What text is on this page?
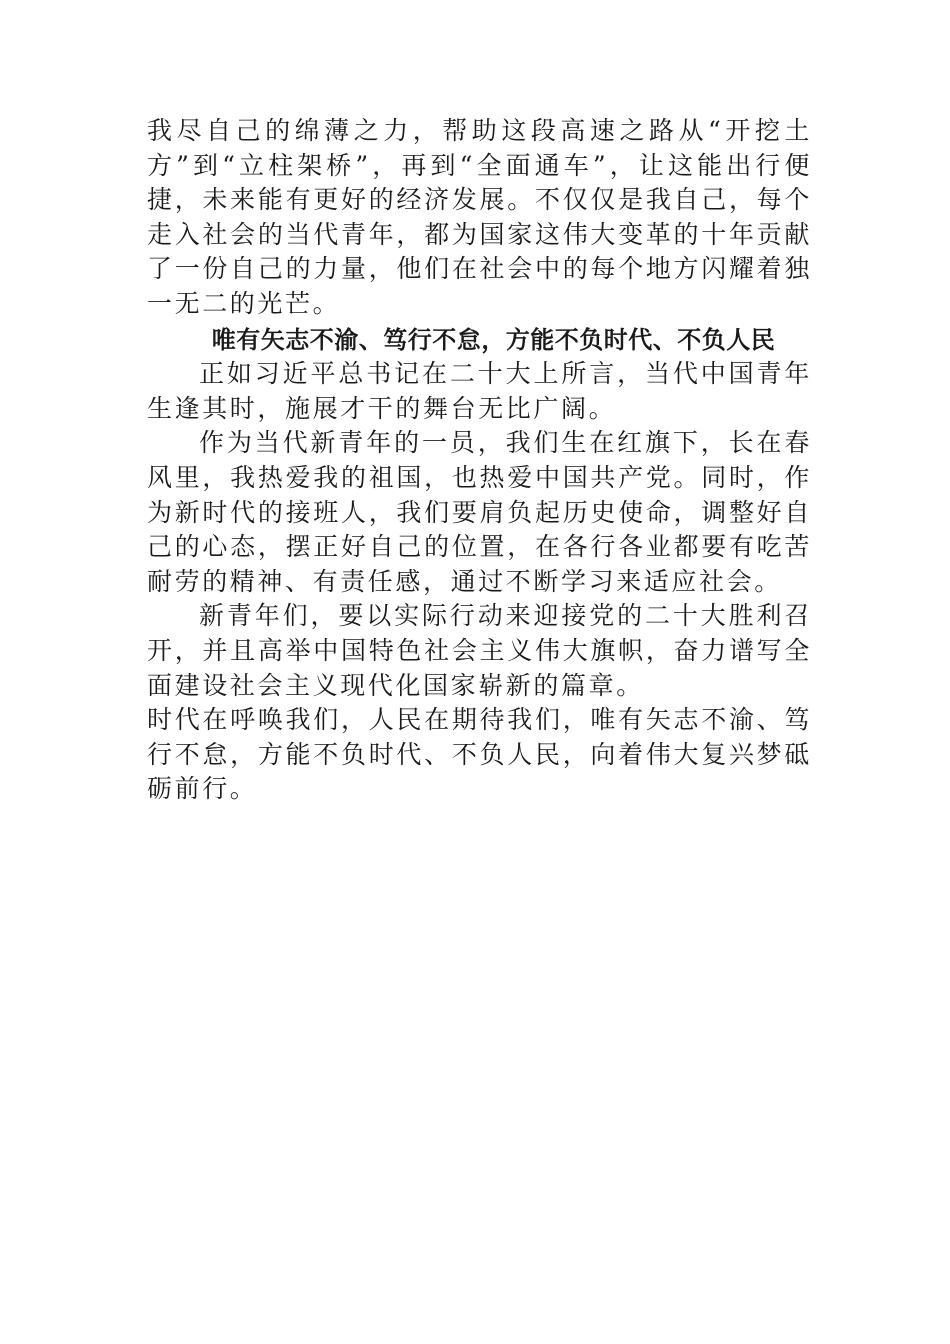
我尽自己的绵薄之力，帮助这段高速之路从“开挖土方”到“立柱架桥”，再到“全面通车”，让这能出行便捷，未来能有更好的经济发展。不仅仅是我自己，每个走入社会的当代青年，都为国家这伟大变革的十年贡献了一份自己的力量，他们在社会中的每个地方闪耀着独一无二的光芒。

唯有矢志不渝、笃行不怠，方能不负时代、不负人民

正如习近平总书记在二十大上所言，当代中国青年生逢其时，施展才干的舞台无比广阔。

作为当代新青年的一员，我们生在红旗下，长在春风里，我热爱我的祖国，也热爱中国共产党。同时，作为新时代的接班人，我们要肩负起历史使命，调整好自己的心态，摆正好自己的位置，在各行各业都要有吃苦耐劳的精神、有责任感，通过不断学习来适应社会。

新青年们，要以实际行动来迎接党的二十大胜利召开，并且高举中国特色社会主义伟大旗帜，奋力谱写全面建设社会主义现代化国家崭新的篇章。

时代在呼唤我们，人民在期待我们，唯有矢志不渝、笃行不怠，方能不负时代、不负人民，向着伟大复兴梦砥砺前行。
